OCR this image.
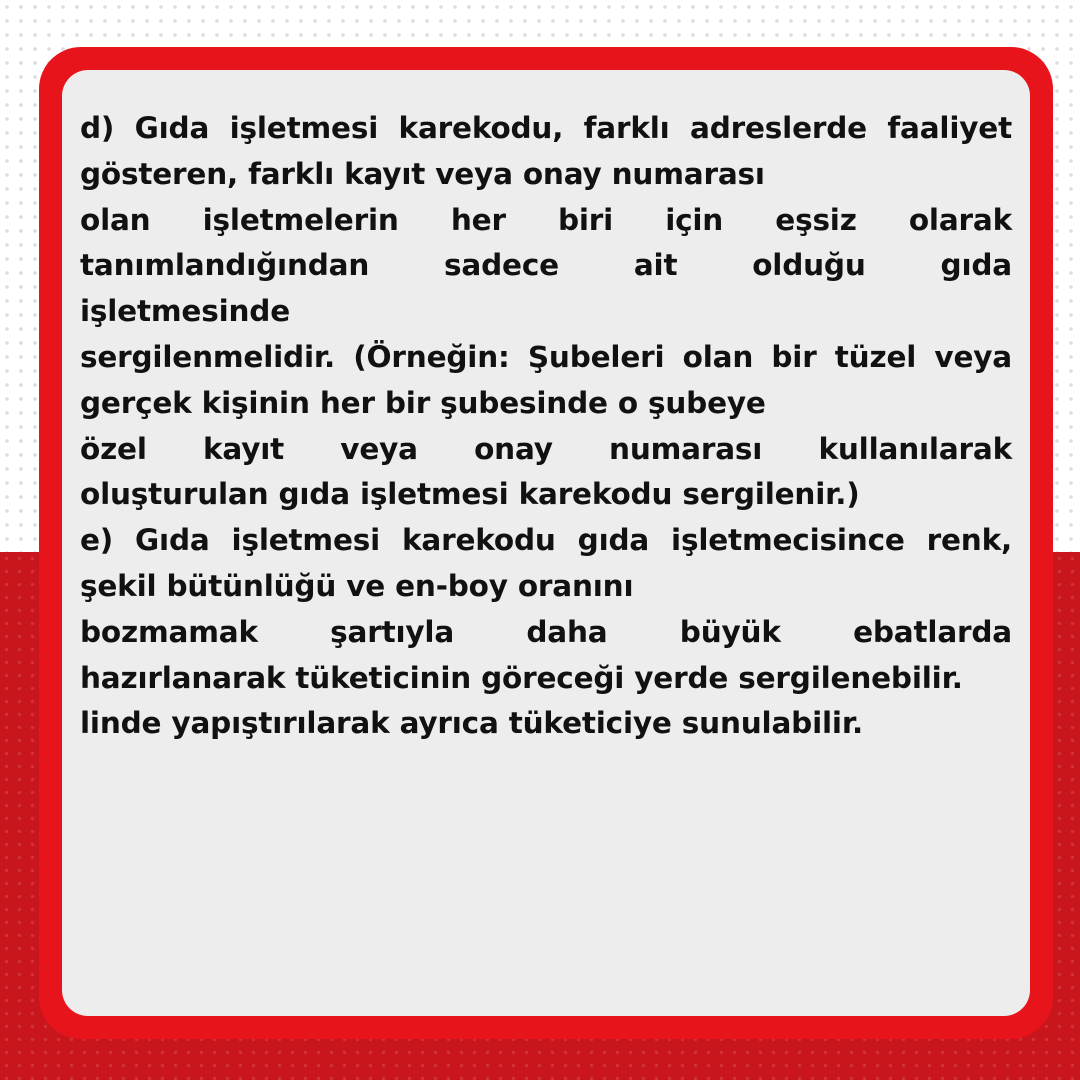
d) Gıda işletmesi karekodu, farklı adreslerde faaliyet
gösteren, farklı kayıt veya onay numarası
olan işletmelerin her biri için eşsiz olarak
tanımlandığından sadece ait olduğu gıda
işletmesinde
sergilenmelidir. (Örneğin: Şubeleri olan bir tüzel veya
gerçek kişinin her bir şubesinde o şubeye
özel kayıt veya onay numarası kullanılarak
oluşturulan gıda işletmesi karekodu sergilenir.)
e) Gıda işletmesi karekodu gıda işletmecisince renk,
şekil bütünlüğü ve en-boy oranını
bozmamak şartıyla daha büyük ebatlarda
hazırlanarak tüketicinin göreceği yerde sergilenebilir.
linde yapıştırılarak ayrıca tüketiciye sunulabilir.
